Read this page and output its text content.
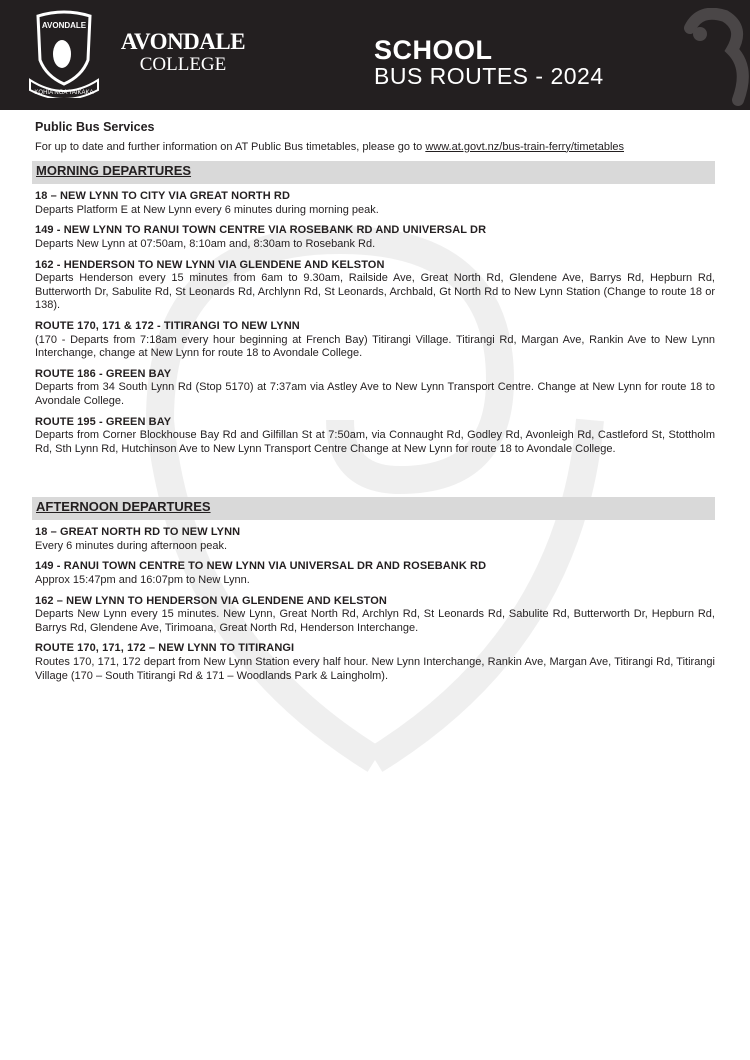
AVONDALE
KOHIA NGA TAIKAKA
AVONDALE
COLLEGE	SCHOOL
BUS ROUTES - 2024
Public Bus Services
For up to date and further information on AT Public Bus timetables, please go to www.at.govt.nz/bus-train-ferry/timetables
MORNING DEPARTURES
18 – NEW LYNN TO CITY VIA GREAT NORTH RD
Departs Platform E at New Lynn every 6 minutes during morning peak.
149 - NEW LYNN TO RANUI TOWN CENTRE VIA ROSEBANK RD AND UNIVERSAL DR
Departs New Lynn at 07:50am, 8:10am and, 8:30am to Rosebank Rd.
162 - HENDERSON TO NEW LYNN VIA GLENDENE AND KELSTON
Departs Henderson every 15 minutes from 6am to 9.30am, Railside Ave, Great North Rd, Glendene Ave, Barrys Rd, Hepburn Rd, Butterworth Dr, Sabulite Rd, St Leonards Rd, Archlynn Rd, St Leonards, Archbald, Gt North Rd to New Lynn Station (Change to route 18 or 138).
ROUTE 170, 171 & 172 - TITIRANGI TO NEW LYNN
(170 - Departs from 7:18am every hour beginning at French Bay) Titirangi Village. Titirangi Rd, Margan Ave, Rankin Ave to New Lynn Interchange, change at New Lynn for route 18 to Avondale College.
ROUTE 186 - GREEN BAY
Departs from 34 South Lynn Rd (Stop 5170) at 7:37am via Astley Ave to New Lynn Transport Centre. Change at New Lynn for route 18 to Avondale College.
ROUTE 195 - GREEN BAY
Departs from Corner Blockhouse Bay Rd and Gilfillan St at 7:50am, via Connaught Rd, Godley Rd, Avonleigh Rd, Castleford St, Stottholm Rd, Sth Lynn Rd, Hutchinson Ave to New Lynn Transport Centre Change at New Lynn for route 18 to Avondale College.
AFTERNOON DEPARTURES
18 – GREAT NORTH RD TO NEW LYNN
Every 6 minutes during afternoon peak.
149 - RANUI TOWN CENTRE TO NEW LYNN VIA UNIVERSAL DR AND ROSEBANK RD
Approx 15:47pm and 16:07pm to New Lynn.
162 – NEW LYNN TO HENDERSON VIA GLENDENE AND KELSTON
Departs New Lynn every 15 minutes. New Lynn, Great North Rd, Archlyn Rd, St Leonards Rd, Sabulite Rd, Butterworth Dr, Hepburn Rd, Barrys Rd, Glendene Ave, Tirimoana, Great North Rd, Henderson Interchange.
ROUTE 170, 171, 172 – NEW LYNN TO TITIRANGI
Routes 170, 171, 172 depart from New Lynn Station every half hour. New Lynn Interchange, Rankin Ave, Margan Ave, Titirangi Rd, Titirangi Village (170 – South Titirangi Rd & 171 – Woodlands Park & Laingholm).
